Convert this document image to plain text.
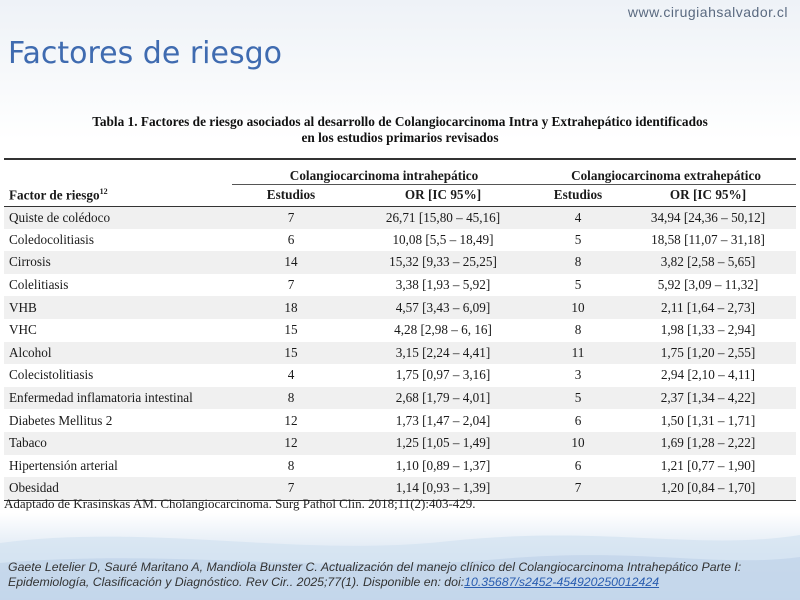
www.cirugiahsalvador.cl
Factores de riesgo
Tabla 1. Factores de riesgo asociados al desarrollo de Colangiocarcinoma Intra y Extrahepático identificados
en los estudios primarios revisados
	Colangiocarcinoma intrahepático		Colangiocarcinoma extrahepático	
Factor de riesgo$^{12}$	Estudios	OR [IC 95%]	Estudios	OR [IC 95%]
Quiste de colédoco	7	26,71 [15,80 – 45,16]	4	34,94 [24,36 – 50,12]
Coledocolitiasis	6	10,08 [5,5 – 18,49]	5	18,58 [11,07 – 31,18]
Cirrosis	14	15,32 [9,33 – 25,25]	8	3,82 [2,58 – 5,65]
Colelitiasis	7	3,38 [1,93 – 5,92]	5	5,92 [3,09 – 11,32]
VHB	18	4,57 [3,43 – 6,09]	10	2,11 [1,64 – 2,73]
VHC	15	4,28 [2,98 – 6, 16]	8	1,98 [1,33 – 2,94]
Alcohol	15	3,15 [2,24 – 4,41]	11	1,75 [1,20 – 2,55]
Colecistolitiasis	4	1,75 [0,97 – 3,16]	3	2,94 [2,10 – 4,11]
Enfermedad inflamatoria intestinal	8	2,68 [1,79 – 4,01]	5	2,37 [1,34 – 4,22]
Diabetes Mellitus 2	12	1,73 [1,47 – 2,04]	6	1,50 [1,31 – 1,71]
Tabaco	12	1,25 [1,05 – 1,49]	10	1,69 [1,28 – 2,22]
Hipertensión arterial	8	1,10 [0,89 – 1,37]	6	1,21 [0,77 – 1,90]
Obesidad	7	1,14 [0,93 – 1,39]	7	1,20 [0,84 – 1,70]
Adaptado de Krasinskas AM. Cholangiocarcinoma. Surg Pathol Clin. 2018;11(2):403-429.
Gaete Letelier D, Sauré Maritano A, Mandiola Bunster C. Actualización del manejo clínico del Colangiocarcinoma Intrahepático Parte I: Epidemiología, Clasificación y Diagnóstico. Rev Cir.. 2025;77(1). Disponible en: doi:10.35687/s2452-454920250012424
